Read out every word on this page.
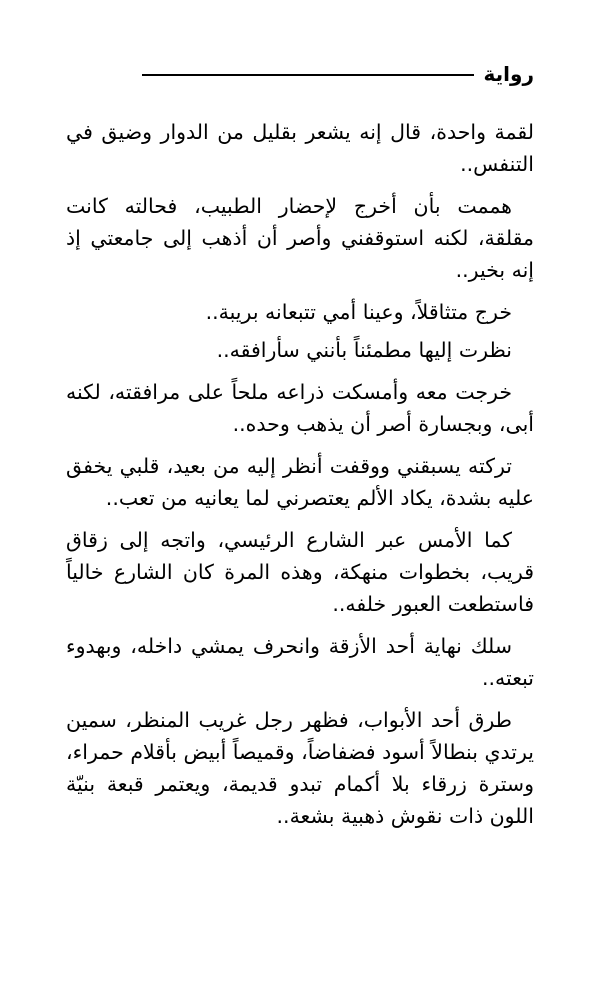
رواية

لقمة واحدة، قال إنه يشعر بقليل من الدوار وضيق في التنفس..

هممت بأن أخرج لإحضار الطبيب، فحالته كانت مقلقة، لكنه استوقفني وأصر أن أذهب إلى جامعتي إذ إنه بخير..

خرج متثاقلاً، وعينا أمي تتبعانه بريبة..

نظرت إليها مطمئناً بأنني سأرافقه..

خرجت معه وأمسكت ذراعه ملحاً على مرافقته، لكنه أبى، وبجسارة أصر أن يذهب وحده..

تركته يسبقني ووقفت أنظر إليه من بعيد، قلبي يخفق عليه بشدة، يكاد الألم يعتصرني لما يعانيه من تعب..

كما الأمس عبر الشارع الرئيسي، واتجه إلى زقاق قريب، بخطوات منهكة، وهذه المرة كان الشارع خالياً فاستطعت العبور خلفه..

سلك نهاية أحد الأزقة وانحرف يمشي داخله، وبهدوء تبعته..

طرق أحد الأبواب، فظهر رجل غريب المنظر، سمين يرتدي بنطالاً أسود فضفاضاً، وقميصاً أبيض بأقلام حمراء، وسترة زرقاء بلا أكمام تبدو قديمة، ويعتمر قبعة بنيّة اللون ذات نقوش ذهبية بشعة..
